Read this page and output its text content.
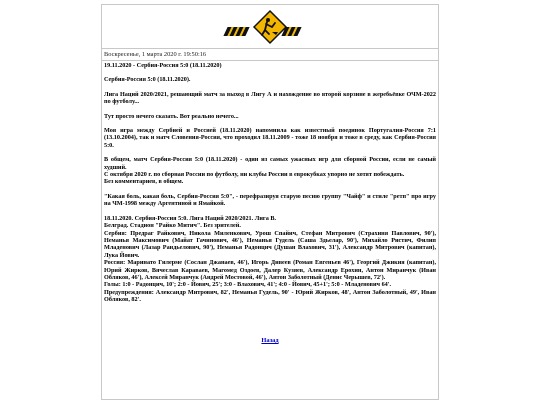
Воскресенье, 1 марта 2020 г. 19:50:16

19.11.2020 - Сербия-Россия 5:0 (18.11.2020)

Сербия-Россия 5:0 (18.11.2020).

Лига Наций 2020/2021, решающий матч за выход в Лигу А и нахождение во второй корзине в жеребьёвке ОЧМ-2022 по футболу...

Тут просто нечего сказать. Вот реально нечего...

Моя игра между Сербией и Россией (18.11.2020) напомнила как известный поединок Португалия-Россия 7:1 (13.10.2004), так и матч Словения-Россия, что проходил 18.11.2009 - тоже 18 ноября и тоже в среду, как Сербия-Россия 5:0.

В общем, матч Сербия-Россия 5:0 (18.11.2020) - один из самых ужасных игр для сборной России, если не самый худший.
С октября 2020 г. по сборная России по футболу, ни клубы России в еврокубках упорно не хотят побеждать.
Без комментариев, в общем.

"Какая боль, какая боль, Сербия-Россия 5:0", - перефразируя старую песню группу "Чайф" и стиле "ретп" про игру на ЧМ-1998 между Аргентиной и Ямайкой.

18.11.2020. Сербия-Россия 5:0. Лига Наций 2020/2021. Лига В.

Белград. Стадион "Райко Митич". Без зрителей.

Сербия: Предраг Райкович, Никола Миленкович, Урош Спайич, Стефан Митрович (Страхиня Павлович, 90'), Неманья Максимович (Майат Гачинович, 46'), Неманья Гудель (Саша Здьелар, 90'), Михайло Ристич, Филип Младенович (Лазар Рандьелович, 90'), Неманья Радонцич (Душан Влахович, 31'), Александр Митрович (капитан), Лука Йович.

Россия: Маринато Гилерме (Сослан Джанаев, 46'), Игорь Дивеев (Роман Евгеньев 46'), Георгий Джикия (капитан), Юрий Жирков, Вячеслав Караваев, Магомед Оздоев, Далер Кузяев, Александр Ерохин, Антон Миранчук (Иван Обляков, 46'), Алексей Миранчук (Андрей Мостовой, 46'), Антон Заболотный (Денис Черышев, 72').

Голы: 1:0 - Радонцич, 10'; 2:0 - Йович, 25'; 3:0 - Влахович, 41'; 4:0 - Йович, 45+1'; 5:0 - Младенович 64'.

Предупреждения: Александр Митрович, 82', Неманья Гудель, 90' - Юрий Жирков, 48', Антон Заболотный, 49', Иван Обляков, 82'.

Назад
